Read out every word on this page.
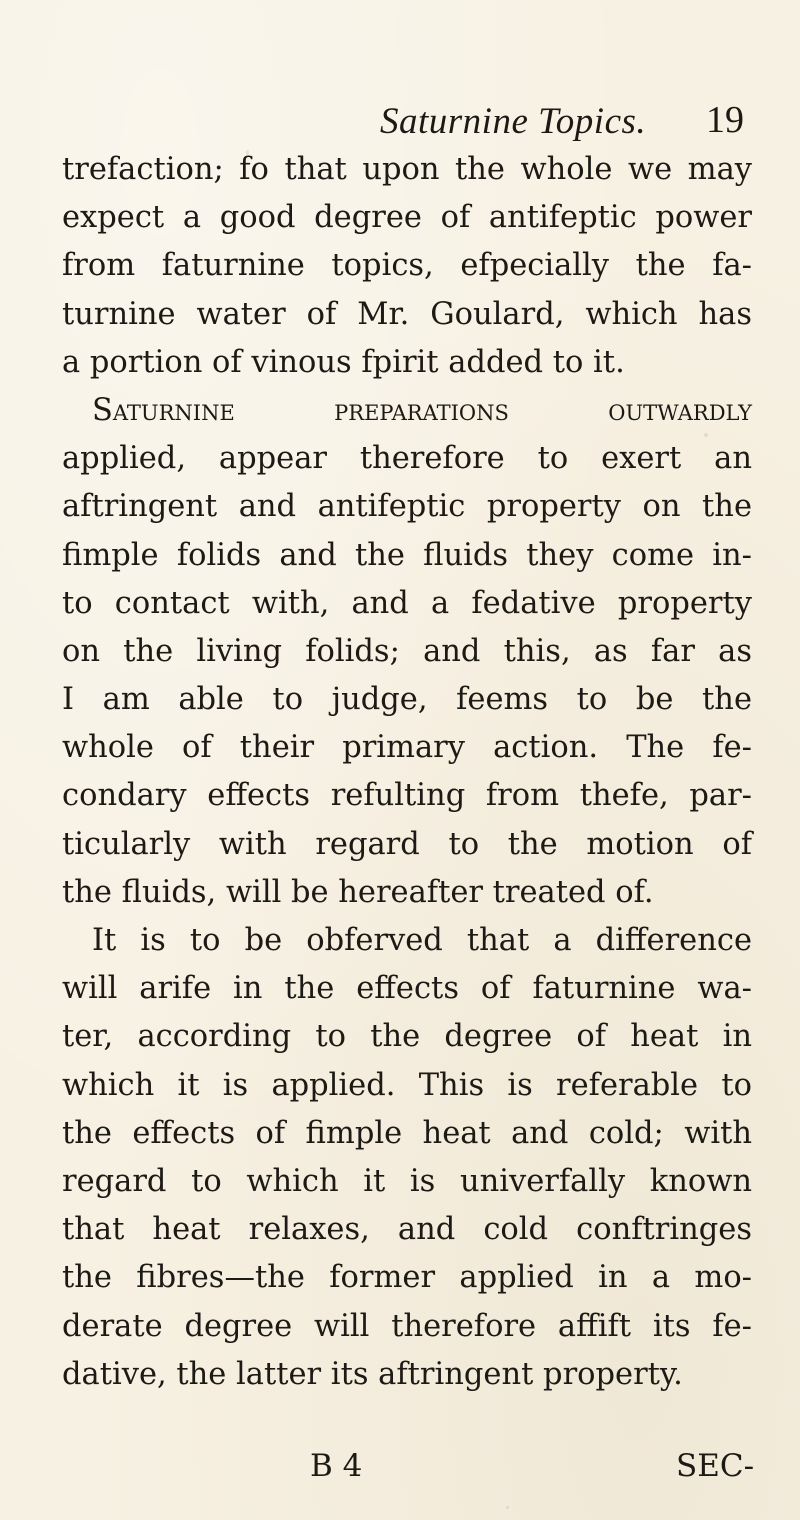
Saturnine Topics. 19
trefaction; fo that upon the whole we may
expect a good degree of antifeptic power
from faturnine topics, efpecially the fa-
turnine water of Mr. Goulard, which has
a portion of vinous fpirit added to it.
Saturnine preparations outwardly
applied, appear therefore to exert an
aftringent and antifeptic property on the
fimple folids and the fluids they come in-
to contact with, and a fedative property
on the living folids; and this, as far as
I am able to judge, feems to be the
whole of their primary action. The fe-
condary effects refulting from thefe, par-
ticularly with regard to the motion of
the fluids, will be hereafter treated of.
It is to be obferved that a difference
will arife in the effects of faturnine wa-
ter, according to the degree of heat in
which it is applied. This is referable to
the effects of fimple heat and cold; with
regard to which it is univerfally known
that heat relaxes, and cold conftringes
the fibres—the former applied in a mo-
derate degree will therefore affift its fe-
dative, the latter its aftringent property.
B 4	SEC-
